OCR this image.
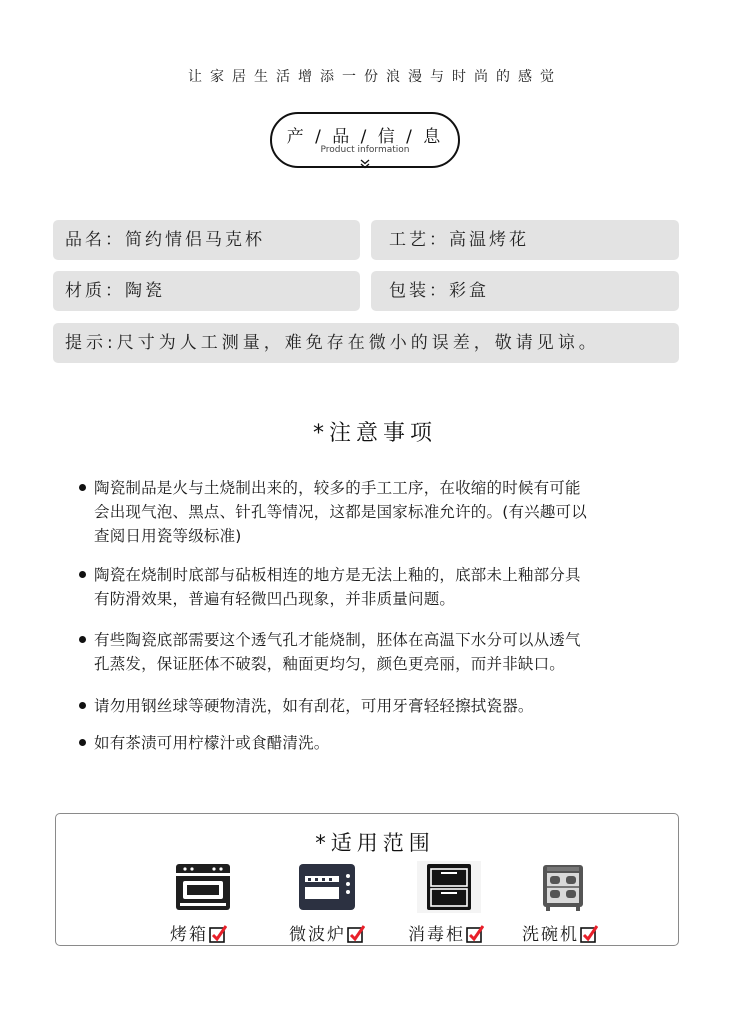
让家居生活增添一份浪漫与时尚的感觉
产 / 品 / 信 / 息
Product information
品名：简约情侣马克杯	工艺：高温烤花
材质：陶瓷	包装：彩盒
提示:尺寸为人工测量，难免存在微小的误差，敬请见谅。
*注意事项
陶瓷制品是火与土烧制出来的，较多的手工工序，在收缩的时候有可能
会出现气泡、黑点、针孔等情况，这都是国家标准允许的。(有兴趣可以
查阅日用瓷等级标准)
陶瓷在烧制时底部与砧板相连的地方是无法上釉的，底部未上釉部分具
有防滑效果，普遍有轻微凹凸现象，并非质量问题。
有些陶瓷底部需要这个透气孔才能烧制，胚体在高温下水分可以从透气
孔蒸发，保证胚体不破裂，釉面更均匀，颜色更亮丽，而并非缺口。
请勿用钢丝球等硬物清洗，如有刮花，可用牙膏轻轻擦拭瓷器。
如有茶渍可用柠檬汁或食醋清洗。
*适用范围
烤箱	微波炉	消毒柜	洗碗机
